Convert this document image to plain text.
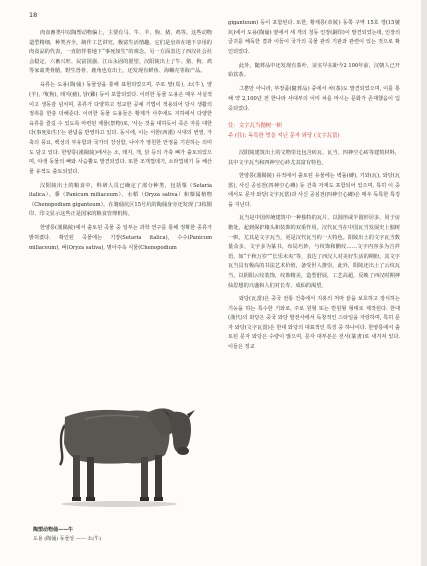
18

肉食畜类中以陶塑动物偏上，主要有马、牛、羊、狗、猪、鸡等。这些动物造型精细，种类齐全，制作工艺讲究，极富生活情趣。它们是皇帝在地下享用的肉食品的代表，一直陪伴着地下“事死如生”的观念。另一方面表达了西汉社会社会稳定、六畜兴旺、民富国强、江山永固的愿望。汉阳陵出土了牛、猪、狗、鸡等家禽类骨骼，野生兽骨、鹿角也有出土，还发现有鲜鱼、海螺壳等海产品。

육류는 도용(陶俑) 동물상을 통해 표현되었으며, 주로 말(馬), 소(牛), 양(羊), 개(狗), 돼지(豬), 닭(雞) 등이 포함되었다. 이러한 동물 도용은 매우 사실적이고 생동감 넘치며, 종류가 다양하고 정교한 공예 기법이 적용되어 당시 생활의 정취를 한층 더해준다. 이러한 동물 도용들은 황제가 사후에도 지하에서 다양한 육류를 즐길 수 있도록 마련된 제물(祭物)로, '사는 것을 대하듯이 죽은 자를 대한다(事死如生)'는 관념을 반영하고 있다. 동시에, 이는 서한(西漢) 시대의 번영, 가축의 풍요, 백성의 부유함과 국가의 강성함, 나아가 영원한 안정을 기원하는 의미도 담고 있다. 한양릉(漢陽陵)에서는 소, 돼지, 개, 닭 등의 가축 뼈가 출토되었으며, 야생 동물의 뼈와 사슴뿔도 발견되었다. 또한 조개껍데기, 소라껍데기 등 해산물 유적도 출토되었다.

汉阳陵出土的粮食中，科研人员已确定了部分种类，包括粟（Setaria italica）、黍（Panicum miliaceum）、水稻（Oryza sativa）和藜属植物（Chenopodium giganteum）。在骑俑坑区15号坑的陶俑身旁还发现了3枚铜印，印文显示这些正是国家的粮食管理机构。

한양릉(漢陽陵)에서 출토된 곡물 중 일부는 과학 연구를 통해 정확한 종류가 밝혀졌다. 확인된 곡물에는 기장(Setaria italica), 수수(Panicum miliaceum), 벼(Oryza sativa), 명아주속 식물(Chenopodium

陶塑动物俑——牛
도용 (陶俑) 동물상 —— 소(牛)

giganteum) 등이 포함된다. 또한, 황제릉(帝陵) 동쪽 구역 15호 갱(15號坑)에서 도용(陶俑) 옆에서 세 개의 청동 인장(銅印)이 발견되었는데, 인장의 글귀를 해독한 결과 이들이 국가의 곡물 관리 기관과 관련이 있는 것으로 확인되었다.

此外，随葬品中还发现有茶叶，证实早在距今2 100年前，汉朝人已开始饮茶。

그뿐만 아니라, 부장품(隨葬品) 중에서 차(茶)도 발견되었으며, 이를 통해 약 2,100년 전 한나라 사대부의 이미 차를 마시는 문화가 존재했음이 입증되었다.

住：文字瓦当抛树一帜
주 (住): 독특한 멋을 지닌 문자 와당 (文字瓦當)

汉阳陵建筑出土的文物里比包含砖瓦、瓦当、四神空心砖等建筑材料，其中文字瓦当和四神空心砖尤其富有特色。

한양릉(漢陽陵) 유적에서 출토된 유물에는 벽돌(磚), 기와(瓦), 와당(瓦當), 사신 공심전(四神空心磚) 등 건축 자재도 포함되어 있으며, 특히 이 중에서도 문자 와당(文字瓦當)과 사신 공심전(四神空心磚)은 매우 독특한 특징을 지닌다.

瓦当是中国传统建筑中一种独特的瓦片，以圆形或半圆形居多，用于房檐处，起到保护椽头和装饰的双重作用，汉代瓦当在中国瓦当发展史上独树一帜，尤其是文字瓦当，更是汉代瓦当的一大特色。阳陵出土的文字瓦当数量众多，文字多为篆书，布局巧妙，与纹饰和鹳纹……文字内容多为吉祥语，如“千秋万岁”“长乐未央”等，表达了西汉人对美好生活的期盼。其文字瓦当具有极高的书法艺术价值，备受世人推崇。此外，阳陵还出土了云纹瓦当，以阴阳云纹装饰，纹饰精美，造型舒展，工艺高超，反映了西汉时期神仙思想的兴盛和人们对长寿、成仙的渴望。

와당(瓦當)은 중국 전통 건축에서 지붕의 처마 끝을 보호하고 장식하는 기능을 하는 특수한 기와로, 주로 원형 또는 반원형 형태로 제작된다. 한대(漢代)의 와당은 중국 와당 발전사에서 독창적인 스타일을 자랑하며, 특히 문자 와당(文字瓦當)은 한대 와당의 대표적인 특징 중 하나이다. 한양릉에서 출토된 문자 와당은 수량이 많으며, 문자 대부분은 전서(篆書)로 새겨져 있다. 이들은 정교
